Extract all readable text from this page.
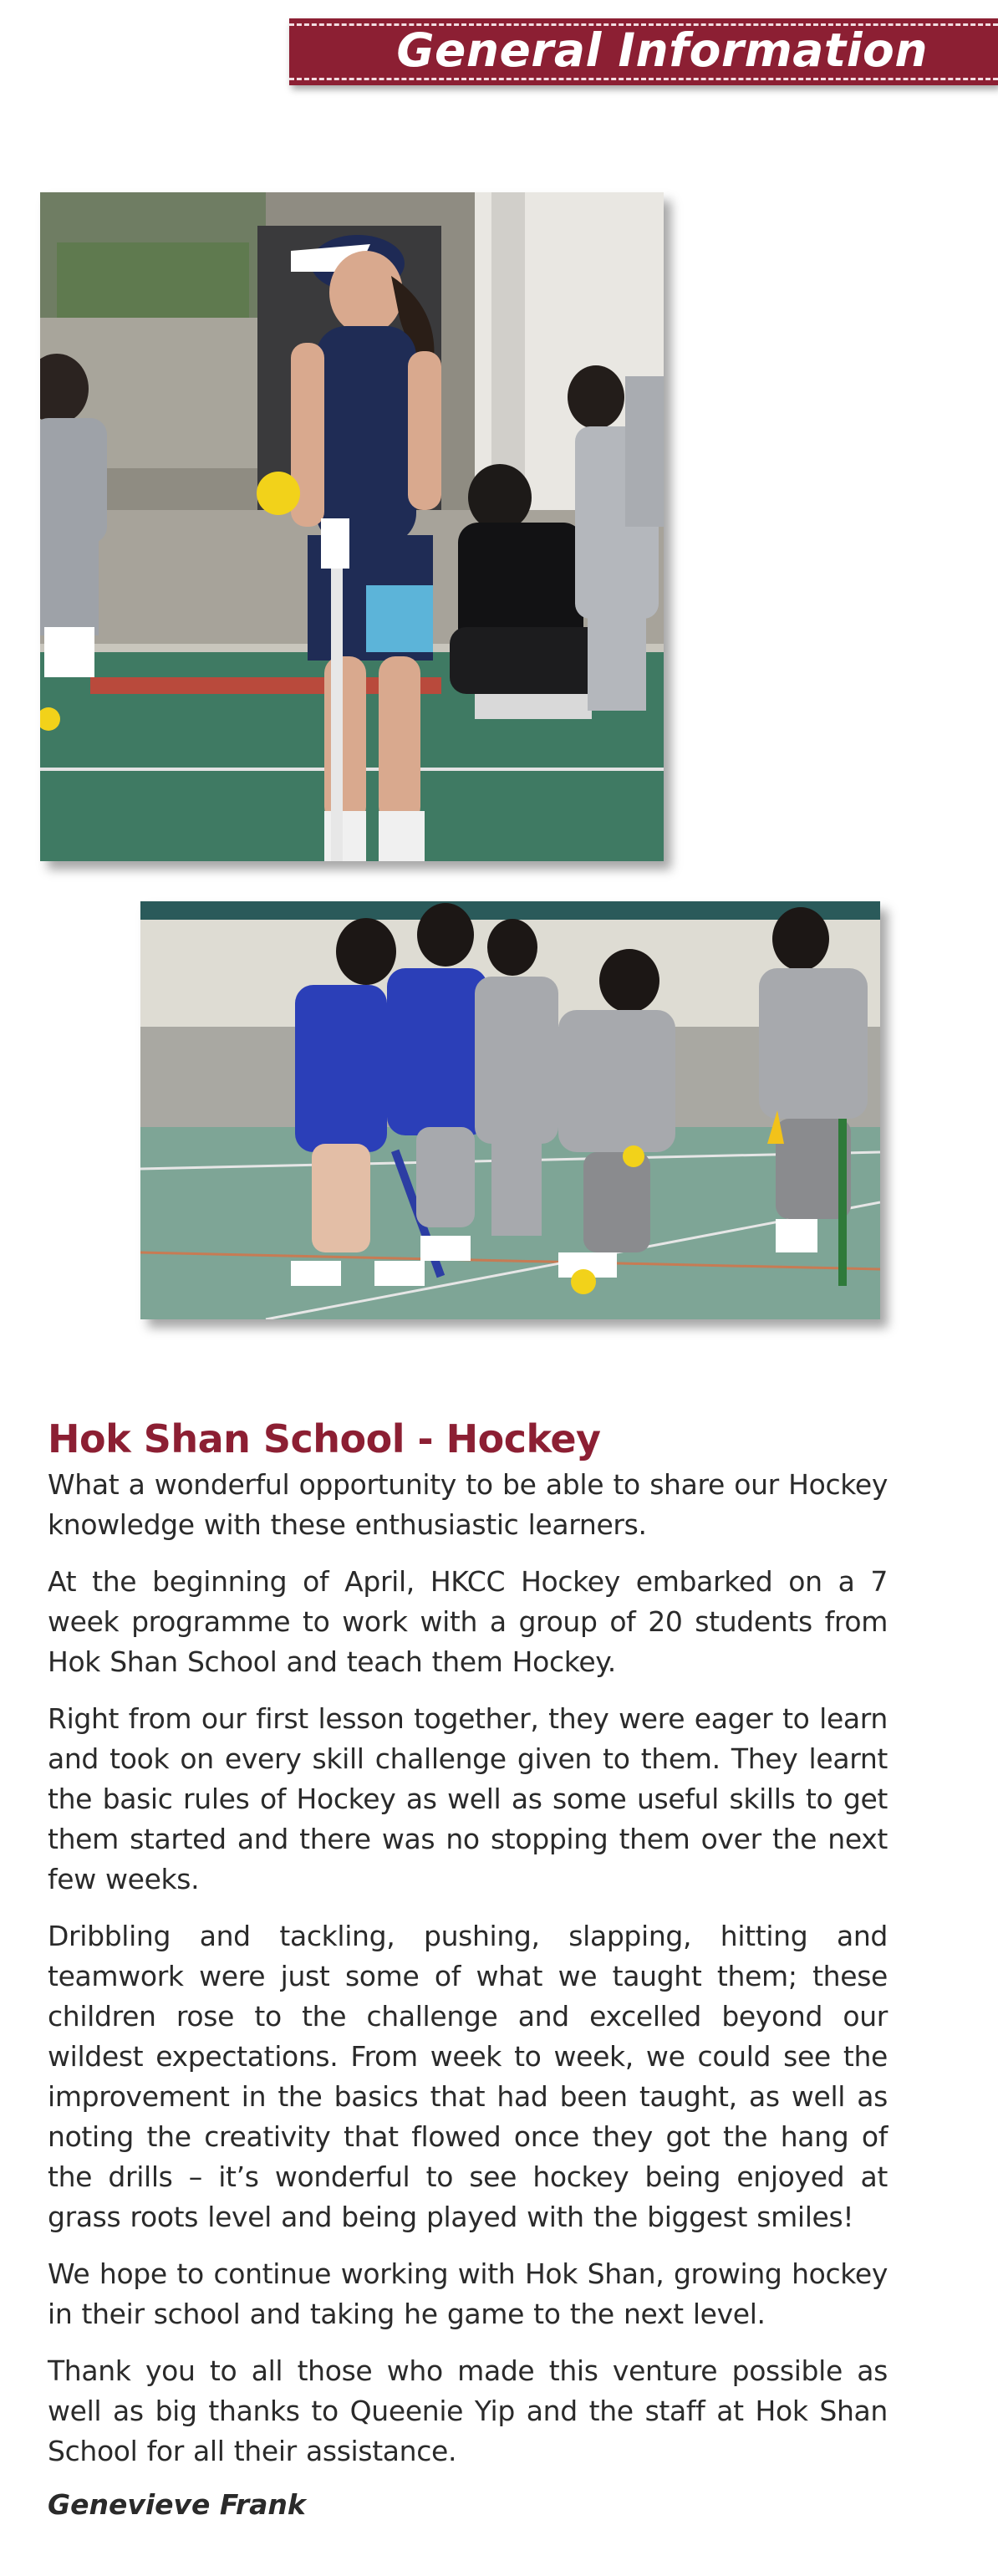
General Information
Hok Shan School - Hockey

What a wonderful opportunity to be able to share our Hockey knowledge with these enthusiastic learners.

At the beginning of April, HKCC Hockey embarked on a 7 week programme to work with a group of 20 students from Hok Shan School and teach them Hockey.

Right from our first lesson together, they were eager to learn and took on every skill challenge given to them. They learnt the basic rules of Hockey as well as some useful skills to get them started and there was no stopping them over the next few weeks.

Dribbling and tackling, pushing, slapping, hitting and teamwork were just some of what we taught them; these children rose to the challenge and excelled beyond our wildest expectations. From week to week, we could see the improvement in the basics that had been taught, as well as noting the creativity that flowed once they got the hang of the drills – it’s wonderful to see hockey being enjoyed at grass roots level and being played with the biggest smiles!

We hope to continue working with Hok Shan, growing hockey in their school and taking he game to the next level.

Thank you to all those who made this venture possible as well as big thanks to Queenie Yip and the staff at Hok Shan School for all their assistance.

Genevieve Frank
